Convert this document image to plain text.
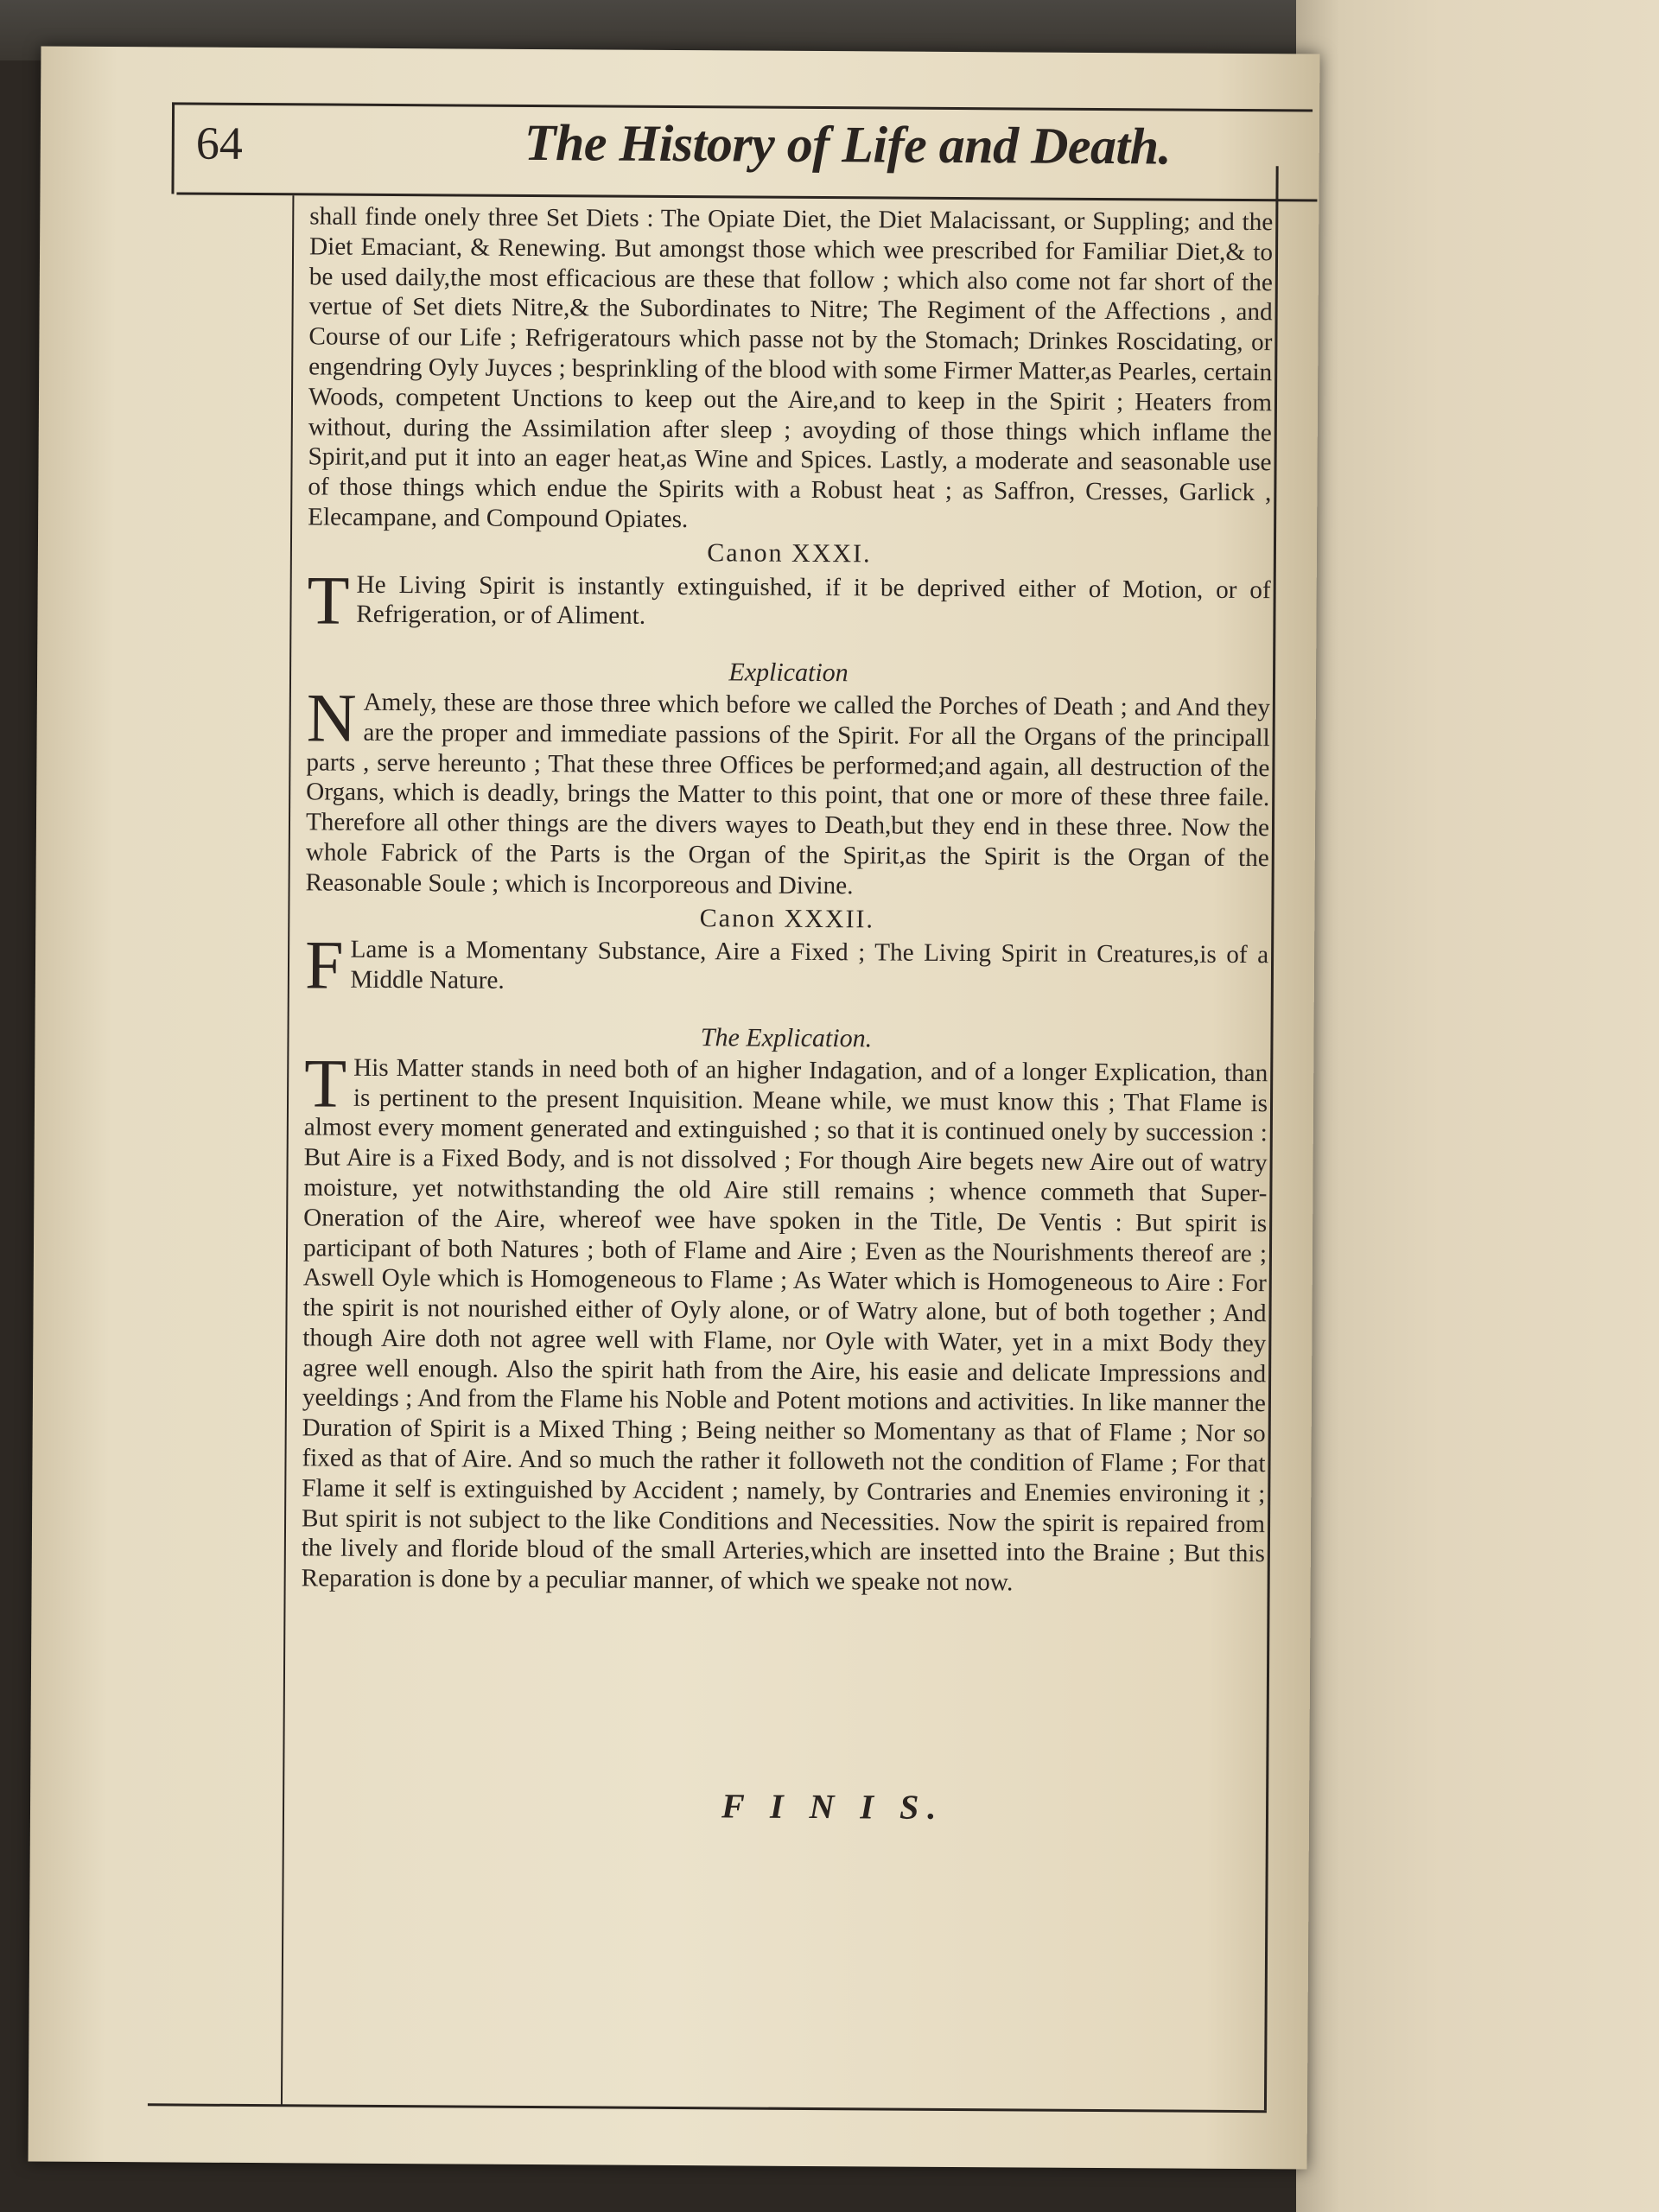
64	The History of Life and Death.

shall finde onely three Set Diets : The Opiate Diet, the Diet Malacissant, or Suppling; and the Diet Emaciant, & Renewing. But amongst those which wee prescribed for Familiar Diet,& to be used daily,the most efficacious are these that follow ; which also come not far short of the vertue of Set diets Nitre,& the Subordinates to Nitre; The Regiment of the Affections , and Course of our Life ; Refrigeratours which passe not by the Stomach; Drinkes Roscidating, or engendring Oyly Juyces ; besprinkling of the blood with some Firmer Matter,as Pearles, certain Woods, competent Unctions to keep out the Aire,and to keep in the Spirit ; Heaters from without, during the Assimilation after sleep ; avoyding of those things which inflame the Spirit,and put it into an eager heat,as Wine and Spices. Lastly, a moderate and seasonable use of those things which endue the Spirits with a Robust heat ; as Saffron, Cresses, Garlick , Elecampane, and Compound Opiates.

Canon XXXI.

T He Living Spirit is instantly extinguished, if it be deprived either of Motion, or of Refrigeration, or of Aliment.

Explication

N Amely, these are those three which before we called the Porches of Death ; and And they are the proper and immediate passions of the Spirit. For all the Organs of the principall parts , serve hereunto ; That these three Offices be performed;and again, all destruction of the Organs, which is deadly, brings the Matter to this point, that one or more of these three faile. Therefore all other things are the divers wayes to Death,but they end in these three. Now the whole Fabrick of the Parts is the Organ of the Spirit,as the Spirit is the Organ of the Reasonable Soule ; which is Incorporeous and Divine.

Canon XXXII.

F Lame is a Momentany Substance, Aire a Fixed ; The Living Spirit in Creatures,is of a Middle Nature.

The Explication.

T His Matter stands in need both of an higher Indagation, and of a longer Explication, than is pertinent to the present Inquisition. Meane while, we must know this ; That Flame is almost every moment generated and extinguished ; so that it is continued onely by succession : But Aire is a Fixed Body, and is not dissolved ; For though Aire begets new Aire out of watry moisture, yet notwithstanding the old Aire still remains ; whence commeth that Super-Oneration of the Aire, whereof wee have spoken in the Title, De Ventis : But spirit is participant of both Natures ; both of Flame and Aire ; Even as the Nourishments thereof are ; Aswell Oyle which is Homogeneous to Flame ; As Water which is Homogeneous to Aire : For the spirit is not nourished either of Oyly alone, or of Watry alone, but of both together ; And though Aire doth not agree well with Flame, nor Oyle with Water, yet in a mixt Body they agree well enough. Also the spirit hath from the Aire, his easie and delicate Impressions and yeeldings ; And from the Flame his Noble and Potent motions and activities. In like manner the Duration of Spirit is a Mixed Thing ; Being neither so Momentany as that of Flame ; Nor so fixed as that of Aire. And so much the rather it followeth not the condition of Flame ; For that Flame it self is extinguished by Accident ; namely, by Contraries and Enemies environing it ; But spirit is not subject to the like Conditions and Necessities. Now the spirit is repaired from the lively and floride bloud of the small Arteries,which are insetted into the Braine ; But this Reparation is done by a peculiar manner, of which we speake not now.

F I N I S.
